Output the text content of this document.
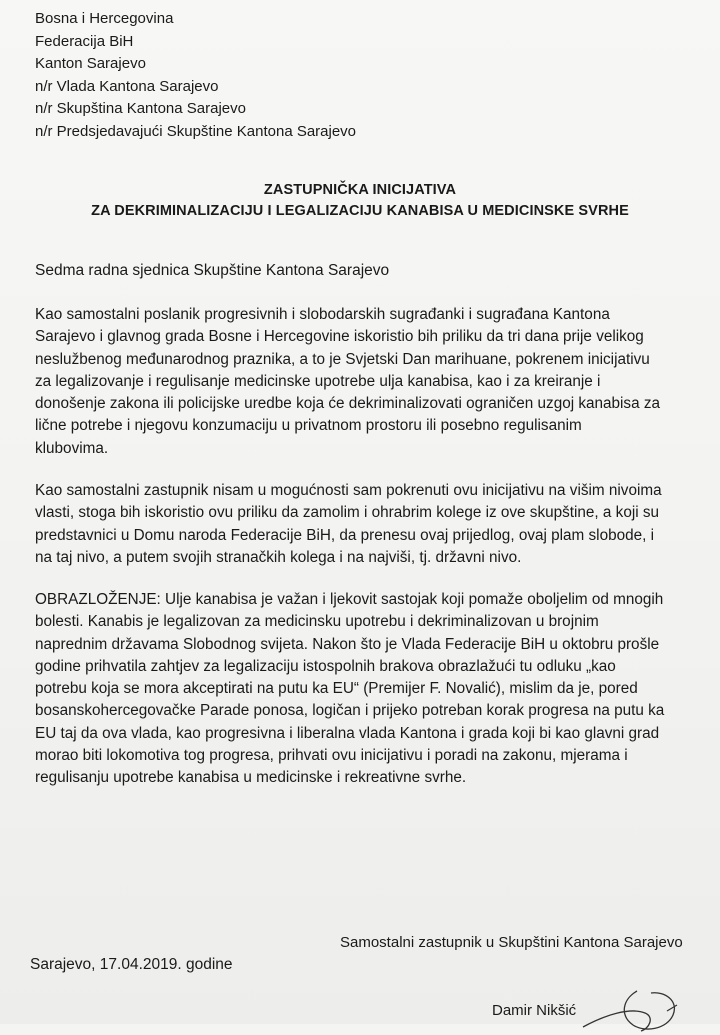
Bosna i Hercegovina
Federacija BiH
Kanton Sarajevo
n/r Vlada Kantona Sarajevo
n/r Skupština Kantona Sarajevo
n/r Predsjedavajući Skupštine Kantona Sarajevo
ZASTUPNIČKA INICIJATIVA
ZA DEKRIMINALIZACIJU I LEGALIZACIJU KANABISA U MEDICINSKE SVRHE
Sedma radna sjednica Skupštine Kantona Sarajevo
Kao samostalni poslanik progresivnih i slobodarskih sugrađanki i sugrađana Kantona
Sarajevo i glavnog grada Bosne i Hercegovine iskoristio bih priliku da tri dana prije velikog
neslužbenog međunarodnog praznika, a to je Svjetski Dan marihuane, pokrenem inicijativu
za legalizovanje i regulisanje medicinske upotrebe ulja kanabisa, kao i za kreiranje i
donošenje zakona ili policijske uredbe koja će dekriminalizovati ograničen uzgoj kanabisa za
lične potrebe i njegovu konzumaciju u privatnom prostoru ili posebno regulisanim
klubovima.
Kao samostalni zastupnik nisam u mogućnosti sam pokrenuti ovu inicijativu na višim nivoima
vlasti, stoga bih iskoristio ovu priliku da zamolim i ohrabrim kolege iz ove skupštine, a koji su
predstavnici u Domu naroda Federacije BiH, da prenesu ovaj prijedlog, ovaj plam slobode, i
na taj nivo, a putem svojih stranačkih kolega i na najviši, tj. državni nivo.
OBRAZLOŽENJE: Ulje kanabisa je važan i ljekovit sastojak koji pomaže oboljelim od mnogih
bolesti. Kanabis je legalizovan za medicinsku upotrebu i dekriminalizovan u brojnim
naprednim državama Slobodnog svijeta. Nakon što je Vlada Federacije BiH u oktobru prošle
godine prihvatila zahtjev za legalizaciju istospolnih brakova obrazlažući tu odluku „kao
potrebu koja se mora akceptirati na putu ka EU“ (Premijer F. Novalić), mislim da je, pored
bosanskohercegovačke Parade ponosa, logičan i prijeko potreban korak progresa na putu ka
EU taj da ova vlada, kao progresivna i liberalna vlada Kantona i grada koji bi kao glavni grad
morao biti lokomotiva tog progresa, prihvati ovu inicijativu i poradi na zakonu, mjerama i
regulisanju upotrebe kanabisa u medicinske i rekreativne svrhe.
Sarajevo, 17.04.2019. godine
Samostalni zastupnik u Skupštini Kantona Sarajevo
Damir Nikšić
